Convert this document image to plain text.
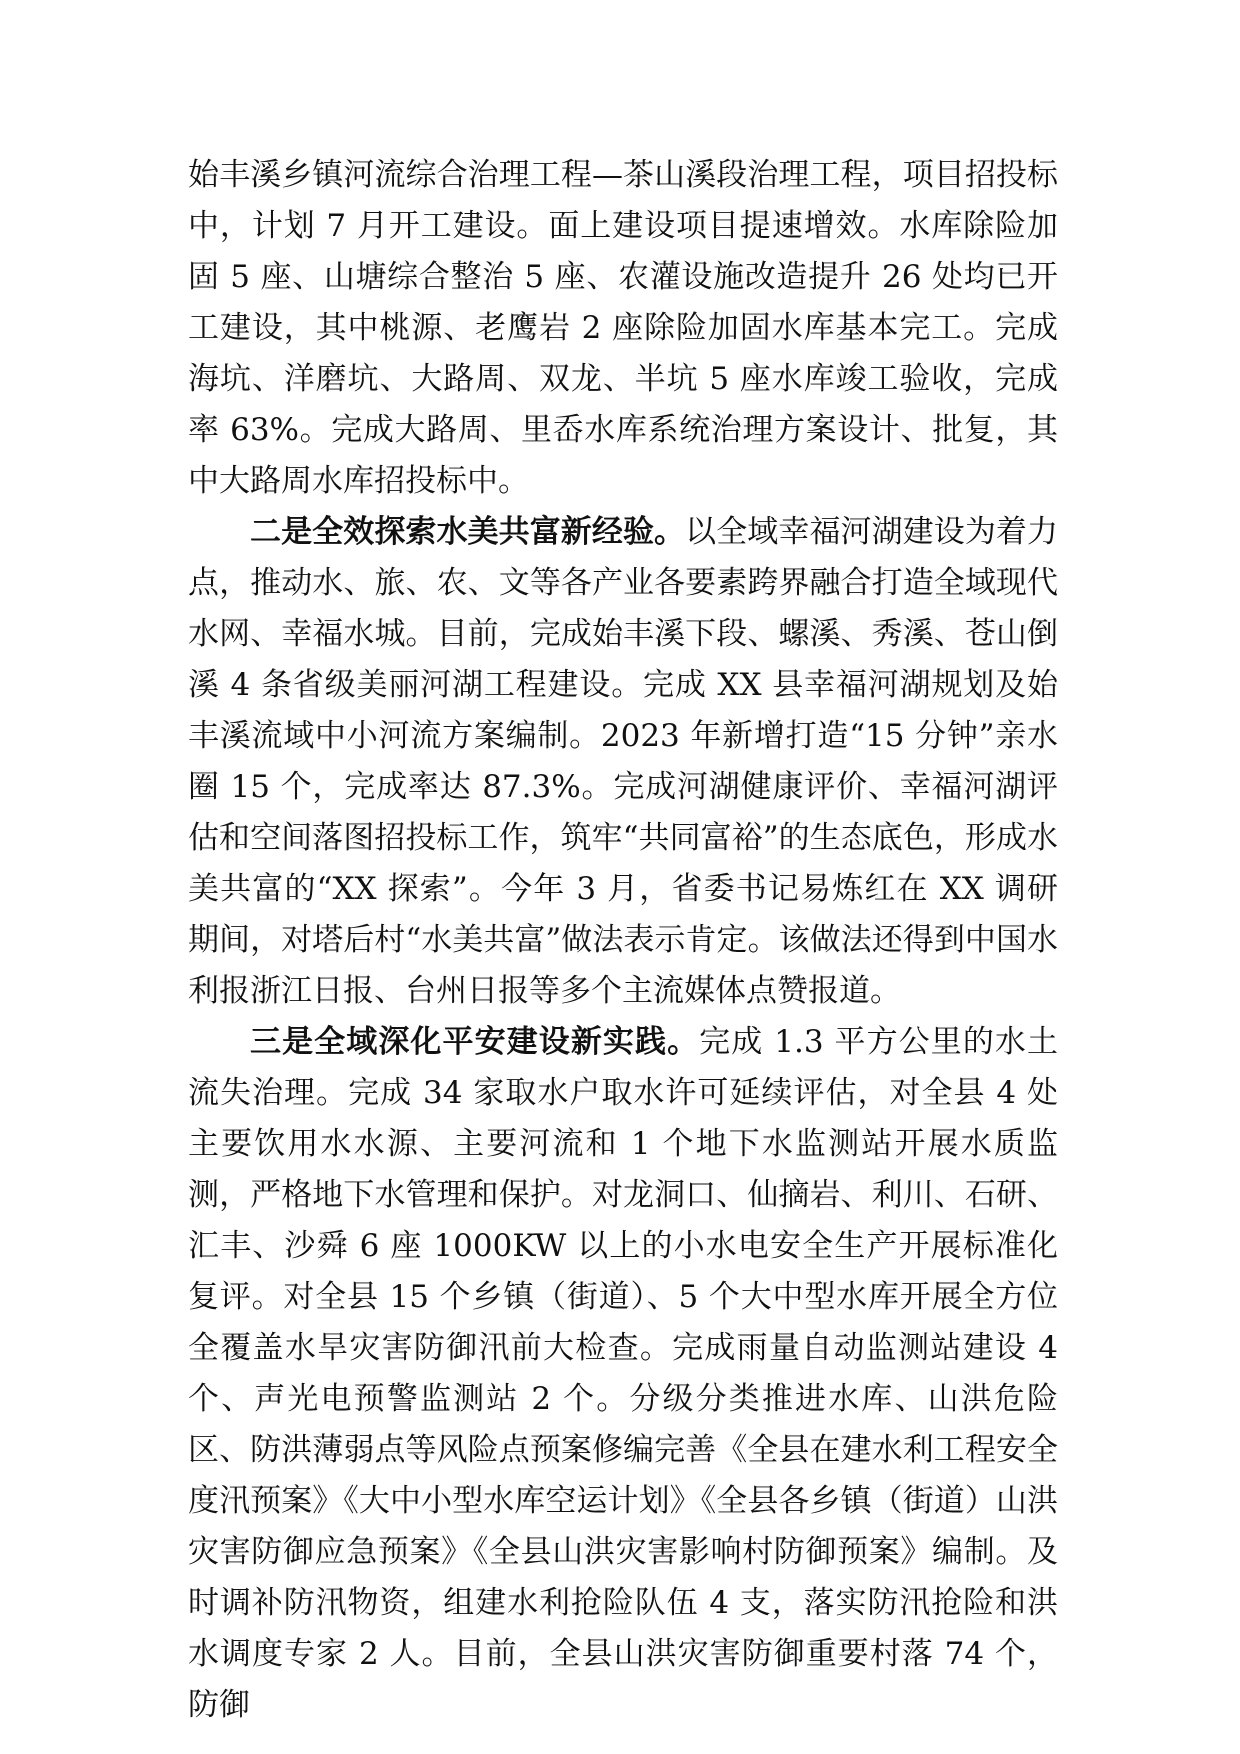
始丰溪乡镇河流综合治理工程—茶山溪段治理工程，项目招投标中，计划 7 月开工建设。面上建设项目提速增效。水库除险加固 5 座、山塘综合整治 5 座、农灌设施改造提升 26 处均已开工建设，其中桃源、老鹰岩 2 座除险加固水库基本完工。完成海坑、洋磨坑、大路周、双龙、半坑 5 座水库竣工验收，完成率 63%。完成大路周、里岙水库系统治理方案设计、批复，其中大路周水库招投标中。

二是全效探索水美共富新经验。以全域幸福河湖建设为着力点，推动水、旅、农、文等各产业各要素跨界融合打造全域现代水网、幸福水城。目前，完成始丰溪下段、螺溪、秀溪、苍山倒溪 4 条省级美丽河湖工程建设。完成 XX 县幸福河湖规划及始丰溪流域中小河流方案编制。2023 年新增打造“15 分钟”亲水圈 15 个，完成率达 87.3%。完成河湖健康评价、幸福河湖评估和空间落图招投标工作，筑牢“共同富裕”的生态底色，形成水美共富的“XX 探索”。今年 3 月，省委书记易炼红在 XX 调研期间，对塔后村“水美共富”做法表示肯定。该做法还得到中国水利报浙江日报、台州日报等多个主流媒体点赞报道。

三是全域深化平安建设新实践。完成 1.3 平方公里的水土流失治理。完成 34 家取水户取水许可延续评估，对全县 4 处主要饮用水水源、主要河流和 1 个地下水监测站开展水质监测，严格地下水管理和保护。对龙洞口、仙摘岩、利川、石研、汇丰、沙舜 6 座 1000KW 以上的小水电安全生产开展标准化复评。对全县 15 个乡镇（街道）、5 个大中型水库开展全方位全覆盖水旱灾害防御汛前大检查。完成雨量自动监测站建设 4 个、声光电预警监测站 2 个。分级分类推进水库、山洪危险区、防洪薄弱点等风险点预案修编完善《全县在建水利工程安全度汛预案》《大中小型水库空运计划》《全县各乡镇（街道）山洪灾害防御应急预案》《全县山洪灾害影响村防御预案》编制。及时调补防汛物资，组建水利抢险队伍 4 支，落实防汛抢险和洪水调度专家 2 人。目前，全县山洪灾害防御重要村落 74 个，防御
